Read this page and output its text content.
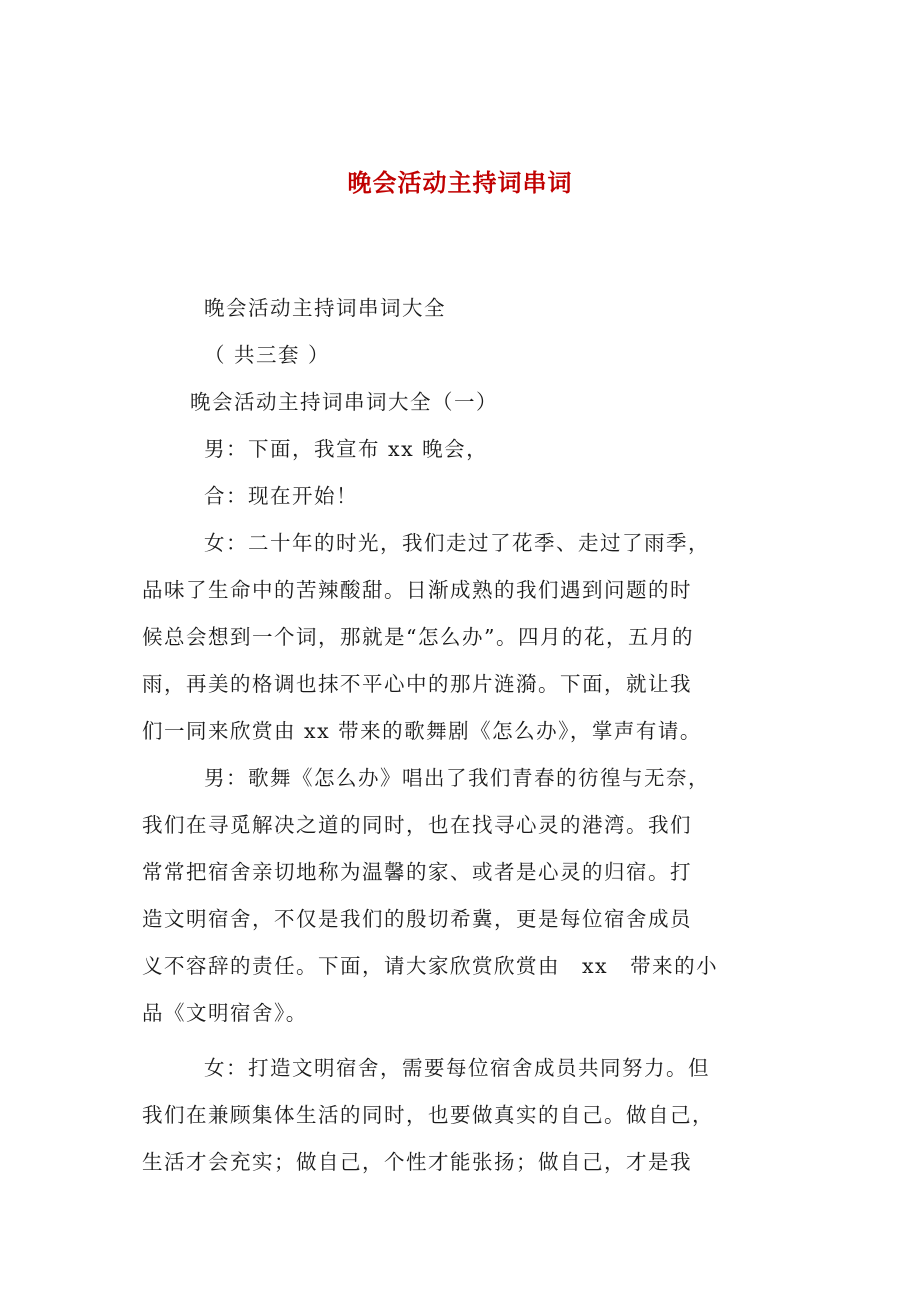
晚会活动主持词串词
晚会活动主持词串词大全
（ 共三套 ）
晚会活动主持词串词大全（一）
男：下面，我宣布 xx 晚会，
合：现在开始！
女：二十年的时光，我们走过了花季、走过了雨季，
品味了生命中的苦辣酸甜。日渐成熟的我们遇到问题的时
候总会想到一个词，那就是“怎么办”。四月的花，五月的
雨，再美的格调也抹不平心中的那片涟漪。下面，就让我
们一同来欣赏由 xx 带来的歌舞剧《怎么办》，掌声有请。
男：歌舞《怎么办》唱出了我们青春的彷徨与无奈，
我们在寻觅解决之道的同时，也在找寻心灵的港湾。我们
常常把宿舍亲切地称为温馨的家、或者是心灵的归宿。打
造文明宿舍，不仅是我们的殷切希冀，更是每位宿舍成员
义不容辞的责任。下面，请大家欣赏欣赏由　xx　带来的小
品《文明宿舍》。
女：打造文明宿舍，需要每位宿舍成员共同努力。但
我们在兼顾集体生活的同时，也要做真实的自己。做自己，
生活才会充实；做自己，个性才能张扬；做自己，才是我
